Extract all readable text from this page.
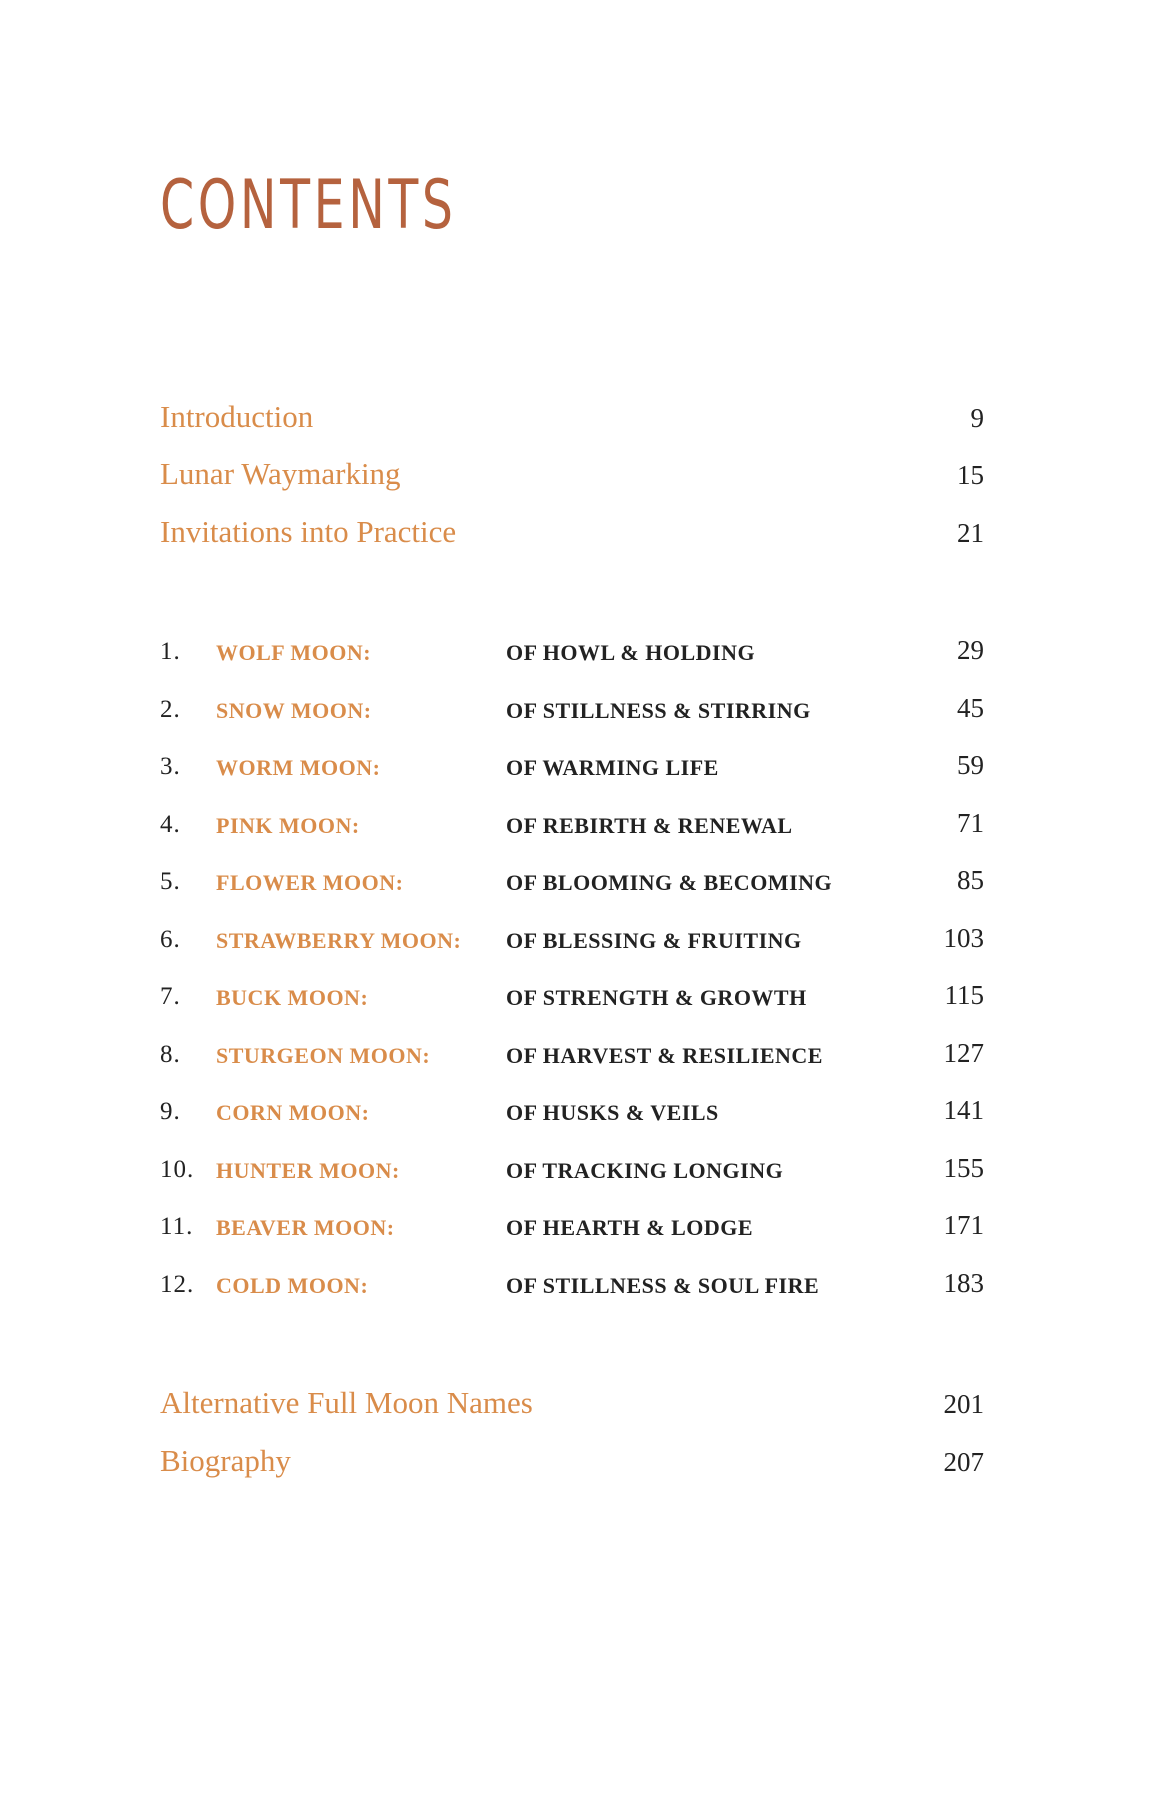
CONTENTS
Introduction	9
Lunar Waymarking	15
Invitations into Practice	21
1. WOLF MOON:	OF HOWL & HOLDING	29
2. SNOW MOON:	OF STILLNESS & STIRRING	45
3. WORM MOON:	OF WARMING LIFE	59
4. PINK MOON:	OF REBIRTH & RENEWAL	71
5. FLOWER MOON:	OF BLOOMING & BECOMING	85
6. STRAWBERRY MOON: OF BLESSING & FRUITING	103
7. BUCK MOON:	OF STRENGTH & GROWTH	115
8. STURGEON MOON:	OF HARVEST & RESILIENCE	127
9. CORN MOON:	OF HUSKS & VEILS	141
10. HUNTER MOON:	OF TRACKING LONGING	155
11. BEAVER MOON:	OF HEARTH & LODGE	171
12. COLD MOON:	OF STILLNESS & SOUL FIRE	183
Alternative Full Moon Names	201
Biography	207
